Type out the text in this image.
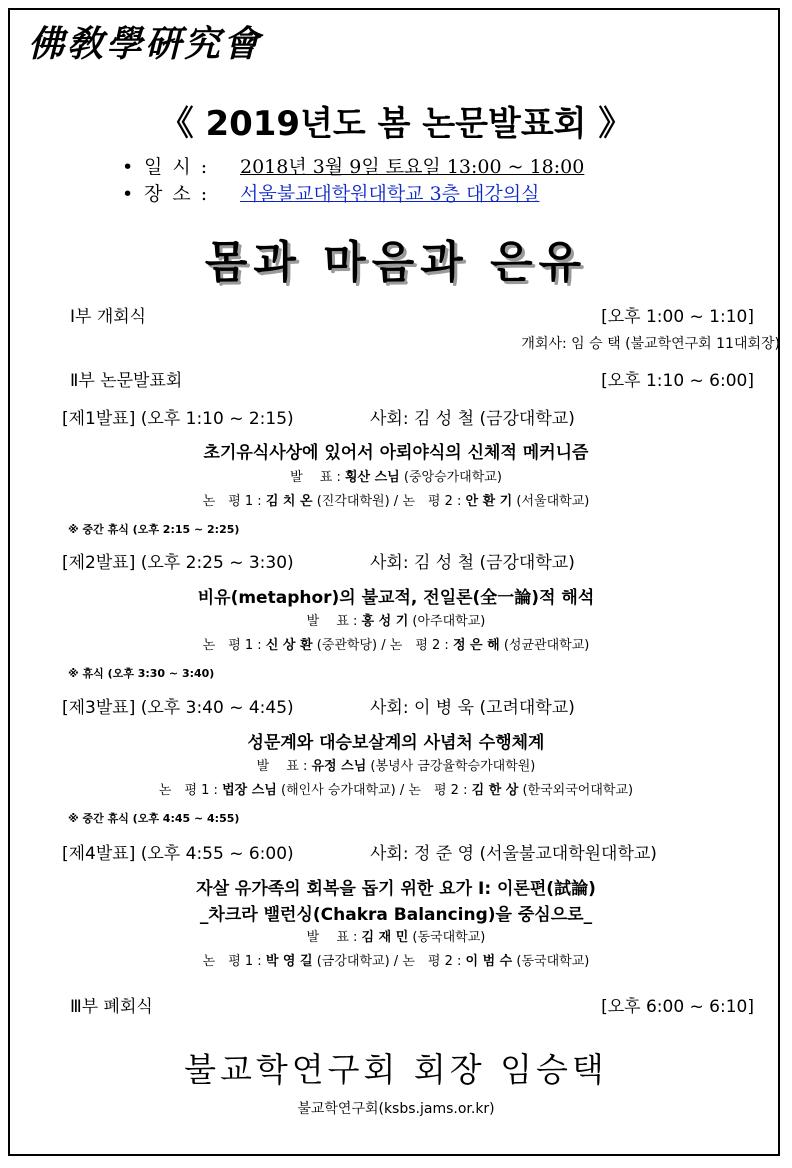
佛敎學硏究會
《 2019년도 봄 논문발표회 》
• 일 시 : 2018년 3월 9일 토요일 13:00 ~ 18:00
• 장 소 : 서울불교대학원대학교 3층 대강의실
몸과 마음과 은유
Ⅰ부 개회식	[오후 1:00 ~ 1:10]
개회사: 임 승 택 (불교학연구회 11대회장)
Ⅱ부 논문발표회	[오후 1:10 ~ 6:00]
[제1발표] (오후 1:10 ~ 2:15)	사회: 김 성 철 (금강대학교)
초기유식사상에 있어서 아뢰야식의 신체적 메커니즘
발　 표 : 횡산 스님 (중앙승가대학교)
논　평 1 : 김 치 온 (진각대학원) / 논　평 2 : 안 환 기 (서울대학교)
※ 중간 휴식 (오후 2:15 ~ 2:25)
[제2발표] (오후 2:25 ~ 3:30)	사회: 김 성 철 (금강대학교)
비유(metaphor)의 불교적, 전일론(全一論)적 해석
발　 표 : 홍 성 기 (아주대학교)
논　평 1 : 신 상 환 (중관학당) / 논　평 2 : 정 은 해 (성균관대학교)
※ 휴식 (오후 3:30 ~ 3:40)
[제3발표] (오후 3:40 ~ 4:45)	사회: 이 병 욱 (고려대학교)
성문계와 대승보살계의 사념처 수행체계
발　 표 : 유정 스님 (봉녕사 금강율학승가대학원)
논　평 1 : 법장 스님 (해인사 승가대학교) / 논　평 2 : 김 한 상 (한국외국어대학교)
※ 중간 휴식 (오후 4:45 ~ 4:55)
[제4발표] (오후 4:55 ~ 6:00)	사회: 정 준 영 (서울불교대학원대학교)
자살 유가족의 회복을 돕기 위한 요가 Ⅰ: 이론편(試論)
_차크라 밸런싱(Chakra Balancing)을 중심으로_
발　 표 : 김 재 민 (동국대학교)
논　평 1 : 박 영 길 (금강대학교) / 논　평 2 : 이 범 수 (동국대학교)
Ⅲ부 폐회식	[오후 6:00 ~ 6:10]
불교학연구회 회장 임승택
불교학연구회(ksbs.jams.or.kr)
